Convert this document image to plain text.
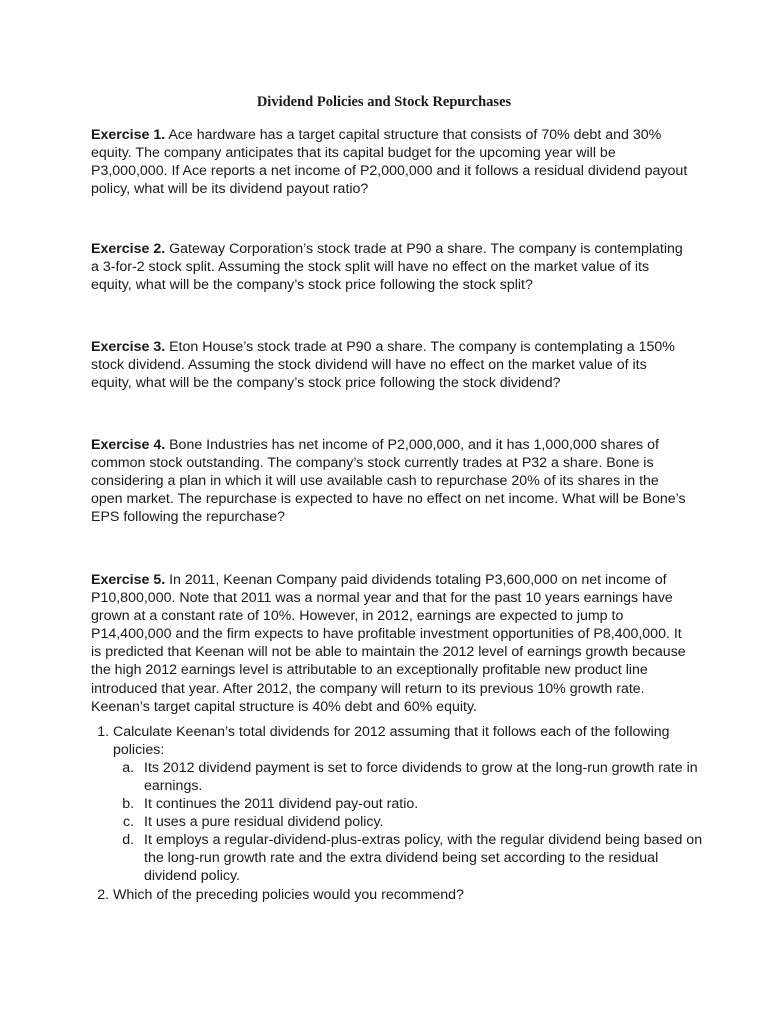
Dividend Policies and Stock Repurchases

Exercise 1. Ace hardware has a target capital structure that consists of 70% debt and 30% equity. The company anticipates that its capital budget for the upcoming year will be P3,000,000. If Ace reports a net income of P2,000,000 and it follows a residual dividend payout policy, what will be its dividend payout ratio?

Exercise 2. Gateway Corporation’s stock trade at P90 a share. The company is contemplating a 3-for-2 stock split. Assuming the stock split will have no effect on the market value of its equity, what will be the company’s stock price following the stock split?

Exercise 3. Eton House’s stock trade at P90 a share. The company is contemplating a 150% stock dividend. Assuming the stock dividend will have no effect on the market value of its equity, what will be the company’s stock price following the stock dividend?

Exercise 4. Bone Industries has net income of P2,000,000, and it has 1,000,000 shares of common stock outstanding. The company’s stock currently trades at P32 a share. Bone is considering a plan in which it will use available cash to repurchase 20% of its shares in the open market. The repurchase is expected to have no effect on net income. What will be Bone’s EPS following the repurchase?

Exercise 5. In 2011, Keenan Company paid dividends totaling P3,600,000 on net income of P10,800,000. Note that 2011 was a normal year and that for the past 10 years earnings have grown at a constant rate of 10%. However, in 2012, earnings are expected to jump to P14,400,000 and the firm expects to have profitable investment opportunities of P8,400,000. It is predicted that Keenan will not be able to maintain the 2012 level of earnings growth because the high 2012 earnings level is attributable to an exceptionally profitable new product line introduced that year. After 2012, the company will return to its previous 10% growth rate. Keenan’s target capital structure is 40% debt and 60% equity.

1. Calculate Keenan’s total dividends for 2012 assuming that it follows each of the following policies:
a. Its 2012 dividend payment is set to force dividends to grow at the long-run growth rate in earnings.
b. It continues the 2011 dividend pay-out ratio.
c. It uses a pure residual dividend policy.
d. It employs a regular-dividend-plus-extras policy, with the regular dividend being based on the long-run growth rate and the extra dividend being set according to the residual dividend policy.
2. Which of the preceding policies would you recommend?
